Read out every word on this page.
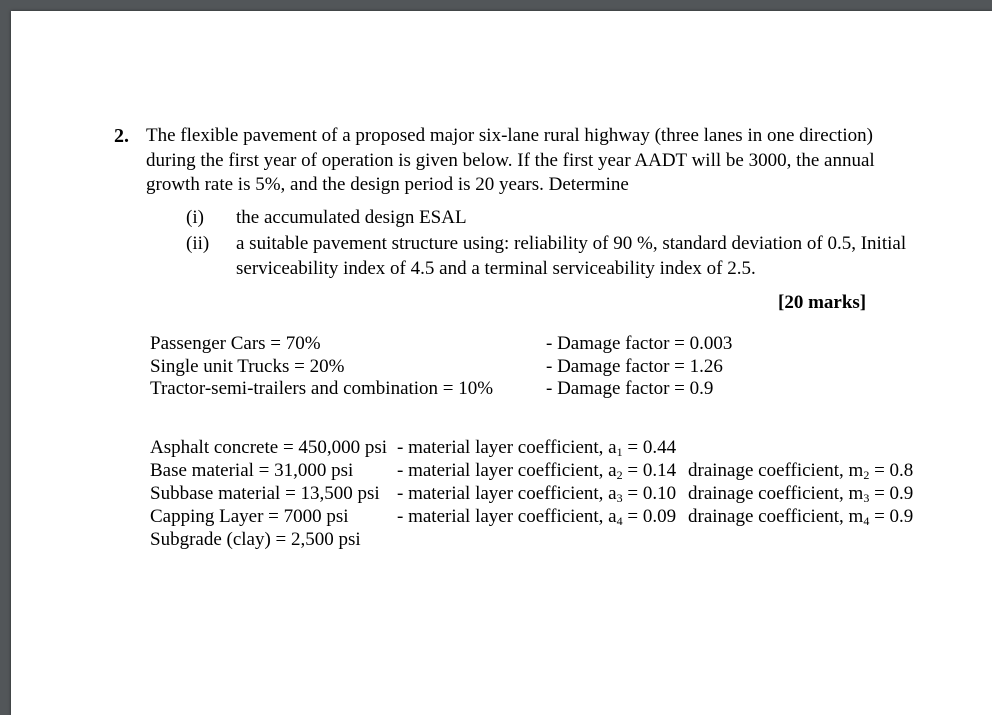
2. The flexible pavement of a proposed major six-lane rural highway (three lanes in one direction) during the first year of operation is given below. If the first year AADT will be 3000, the annual growth rate is 5%, and the design period is 20 years. Determine
(i) the accumulated design ESAL
(ii) a suitable pavement structure using: reliability of 90 %, standard deviation of 0.5, Initial serviceability index of 4.5 and a terminal serviceability index of 2.5.
[20 marks]
Passenger Cars = 70%	- Damage factor = 0.003
Single unit Trucks = 20%	- Damage factor = 1.26
Tractor-semi-trailers and combination = 10%	- Damage factor = 0.9
Asphalt concrete = 450,000 psi - material layer coefficient, $a_1 = 0.44$
Base material = 31,000 psi - material layer coefficient, $a_2 = 0.14$ drainage coefficient, $m_2 = 0.8$
Subbase material = 13,500 psi - material layer coefficient, $a_3 = 0.10$ drainage coefficient, $m_3 = 0.9$
Capping Layer = 7000 psi	- material layer coefficient, $a_4 = 0.09$ drainage coefficient, $m_4 = 0.9$
Subgrade (clay) = 2,500 psi
